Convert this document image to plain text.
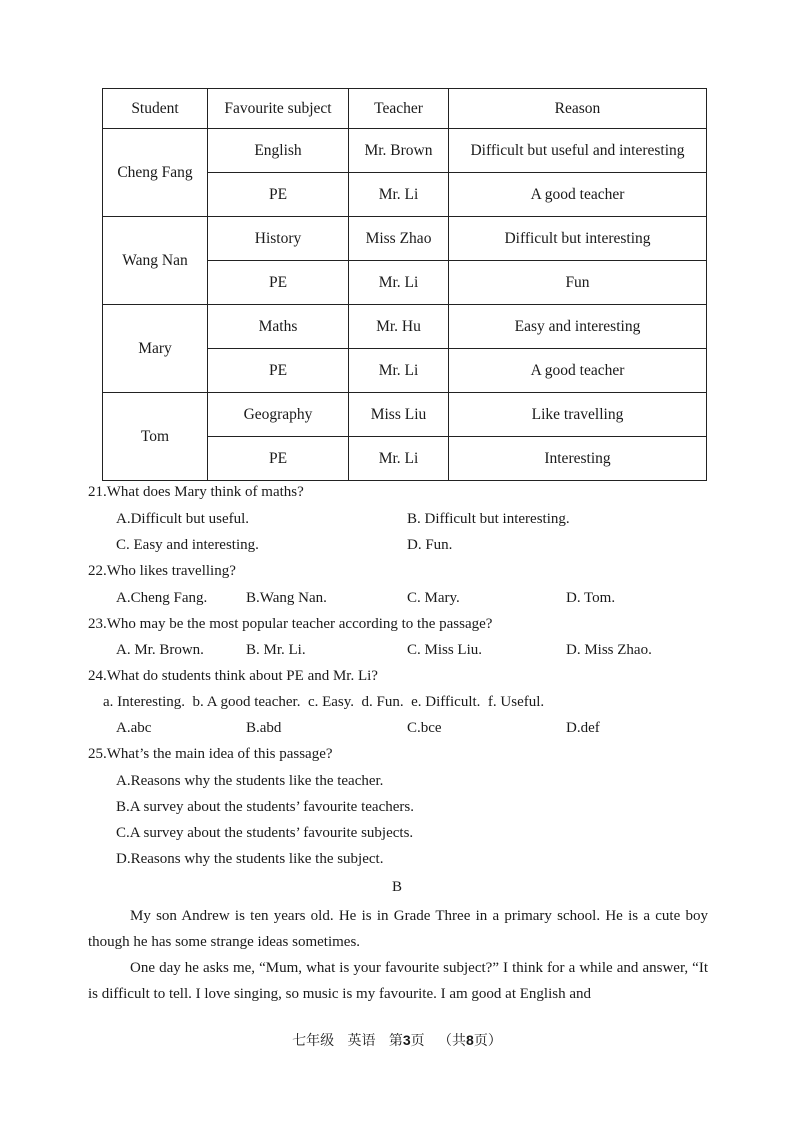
Student	Favourite subject	Teacher	Reason
Cheng Fang	English	Mr. Brown	Difficult but useful and interesting
	PE	Mr. Li	A good teacher
Wang Nan	History	Miss Zhao	Difficult but interesting
	PE	Mr. Li	Fun
Mary	Maths	Mr. Hu	Easy and interesting
	PE	Mr. Li	A good teacher
Tom	Geography	Miss Liu	Like travelling
	PE	Mr. Li	Interesting
21.What does Mary think of maths?
A.Difficult but useful.	B. Difficult but interesting.
C. Easy and interesting.	D. Fun.
22.Who likes travelling?
A.Cheng Fang.	B.Wang Nan.	C. Mary.	D. Tom.
23.Who may be the most popular teacher according to the passage?
A. Mr. Brown.	B. Mr. Li.	C. Miss Liu.	D. Miss Zhao.
24.What do students think about PE and Mr. Li?
a. Interesting.  b. A good teacher.  c. Easy.  d. Fun.  e. Difficult.  f. Useful.
A.abc	B.abd	C.bce	D.def
25.What’s the main idea of this passage?
A.Reasons why the students like the teacher.
B.A survey about the students’ favourite teachers.
C.A survey about the students’ favourite subjects.
D.Reasons why the students like the subject.
B

My son Andrew is ten years old. He is in Grade Three in a primary school. He is a cute boy though he has some strange ideas sometimes.

One day he asks me, “Mum, what is your favourite subject?” I think for a while and answer, “It is difficult to tell. I love singing, so music is my favourite. I am good at English and

七年级 英语 第3页 （共8页）
